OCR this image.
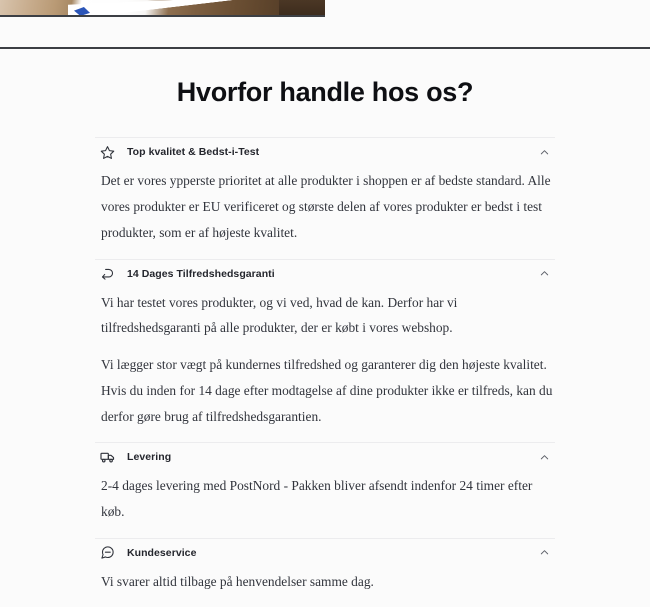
Hvorfor handle hos os?
Top kvalitet & Bedst-i-Test

Det er vores ypperste prioritet at alle produkter i shoppen er af bedste standard. Alle vores produkter er EU verificeret og største delen af vores produkter er bedst i test produkter, som er af højeste kvalitet.

14 Dages Tilfredshedsgaranti

Vi har testet vores produkter, og vi ved, hvad de kan. Derfor har vi tilfredshedsgaranti på alle produkter, der er købt i vores webshop.

Vi lægger stor vægt på kundernes tilfredshed og garanterer dig den højeste kvalitet. Hvis du inden for 14 dage efter modtagelse af dine produkter ikke er tilfreds, kan du derfor gøre brug af tilfredshedsgarantien.

Levering

2-4 dages levering med PostNord - Pakken bliver afsendt indenfor 24 timer efter køb.

Kundeservice

Vi svarer altid tilbage på henvendelser samme dag.
